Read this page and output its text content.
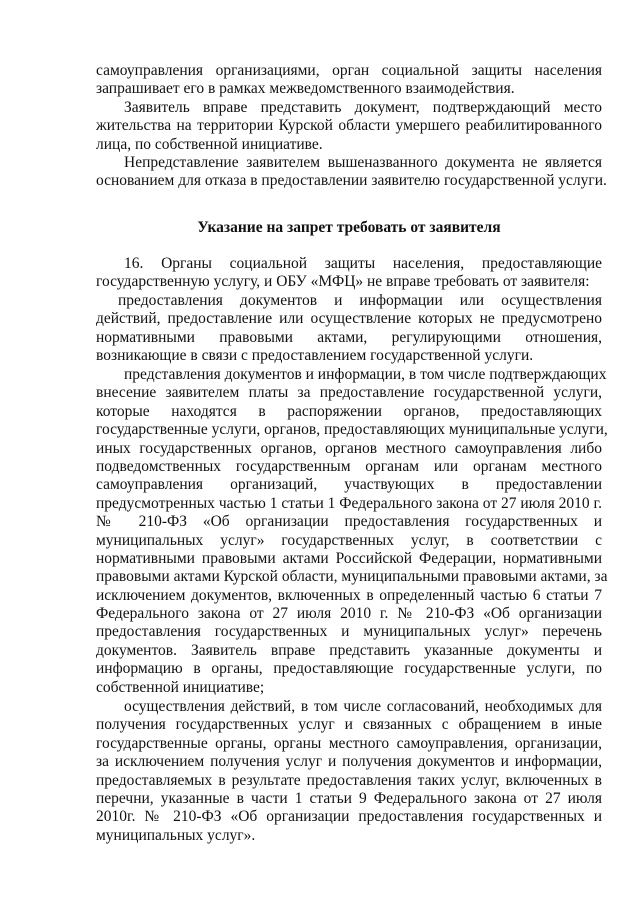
самоуправления организациями, орган социальной защиты населения
запрашивает его в рамках межведомственного взаимодействия.
Заявитель вправе представить документ, подтверждающий место
жительства на территории Курской области умершего реабилитированного
лица, по собственной инициативе.
Непредставление заявителем вышеназванного документа не является
основанием для отказа в предоставлении заявителю государственной услуги.
Указание на запрет требовать от заявителя
16. Органы социальной защиты населения, предоставляющие
государственную услугу, и ОБУ «МФЦ» не вправе требовать от заявителя:
предоставления документов и информации или осуществления
действий, предоставление или осуществление которых не предусмотрено
нормативными правовыми актами, регулирующими отношения,
возникающие в связи с предоставлением государственной услуги.
представления документов и информации, в том числе подтверждающих
внесение заявителем платы за предоставление государственной услуги,
которые находятся в распоряжении органов, предоставляющих
государственные услуги, органов, предоставляющих муниципальные услуги,
иных государственных органов, органов местного самоуправления либо
подведомственных государственным органам или органам местного
самоуправления организаций, участвующих в предоставлении
предусмотренных частью 1 статьи 1 Федерального закона от 27 июля 2010 г.
№ 210-ФЗ «Об организации предоставления государственных и
муниципальных услуг» государственных услуг, в соответствии с
нормативными правовыми актами Российской Федерации, нормативными
правовыми актами Курской области, муниципальными правовыми актами, за
исключением документов, включенных в определенный частью 6 статьи 7
Федерального закона от 27 июля 2010 г. № 210-ФЗ «Об организации
предоставления государственных и муниципальных услуг» перечень
документов. Заявитель вправе представить указанные документы и
информацию в органы, предоставляющие государственные услуги, по
собственной инициативе;
осуществления действий, в том числе согласований, необходимых для
получения государственных услуг и связанных с обращением в иные
государственные органы, органы местного самоуправления, организации,
за исключением получения услуг и получения документов и информации,
предоставляемых в результате предоставления таких услуг, включенных в
перечни, указанные в части 1 статьи 9 Федерального закона от 27 июля
2010г. № 210-ФЗ «Об организации предоставления государственных и
муниципальных услуг».
